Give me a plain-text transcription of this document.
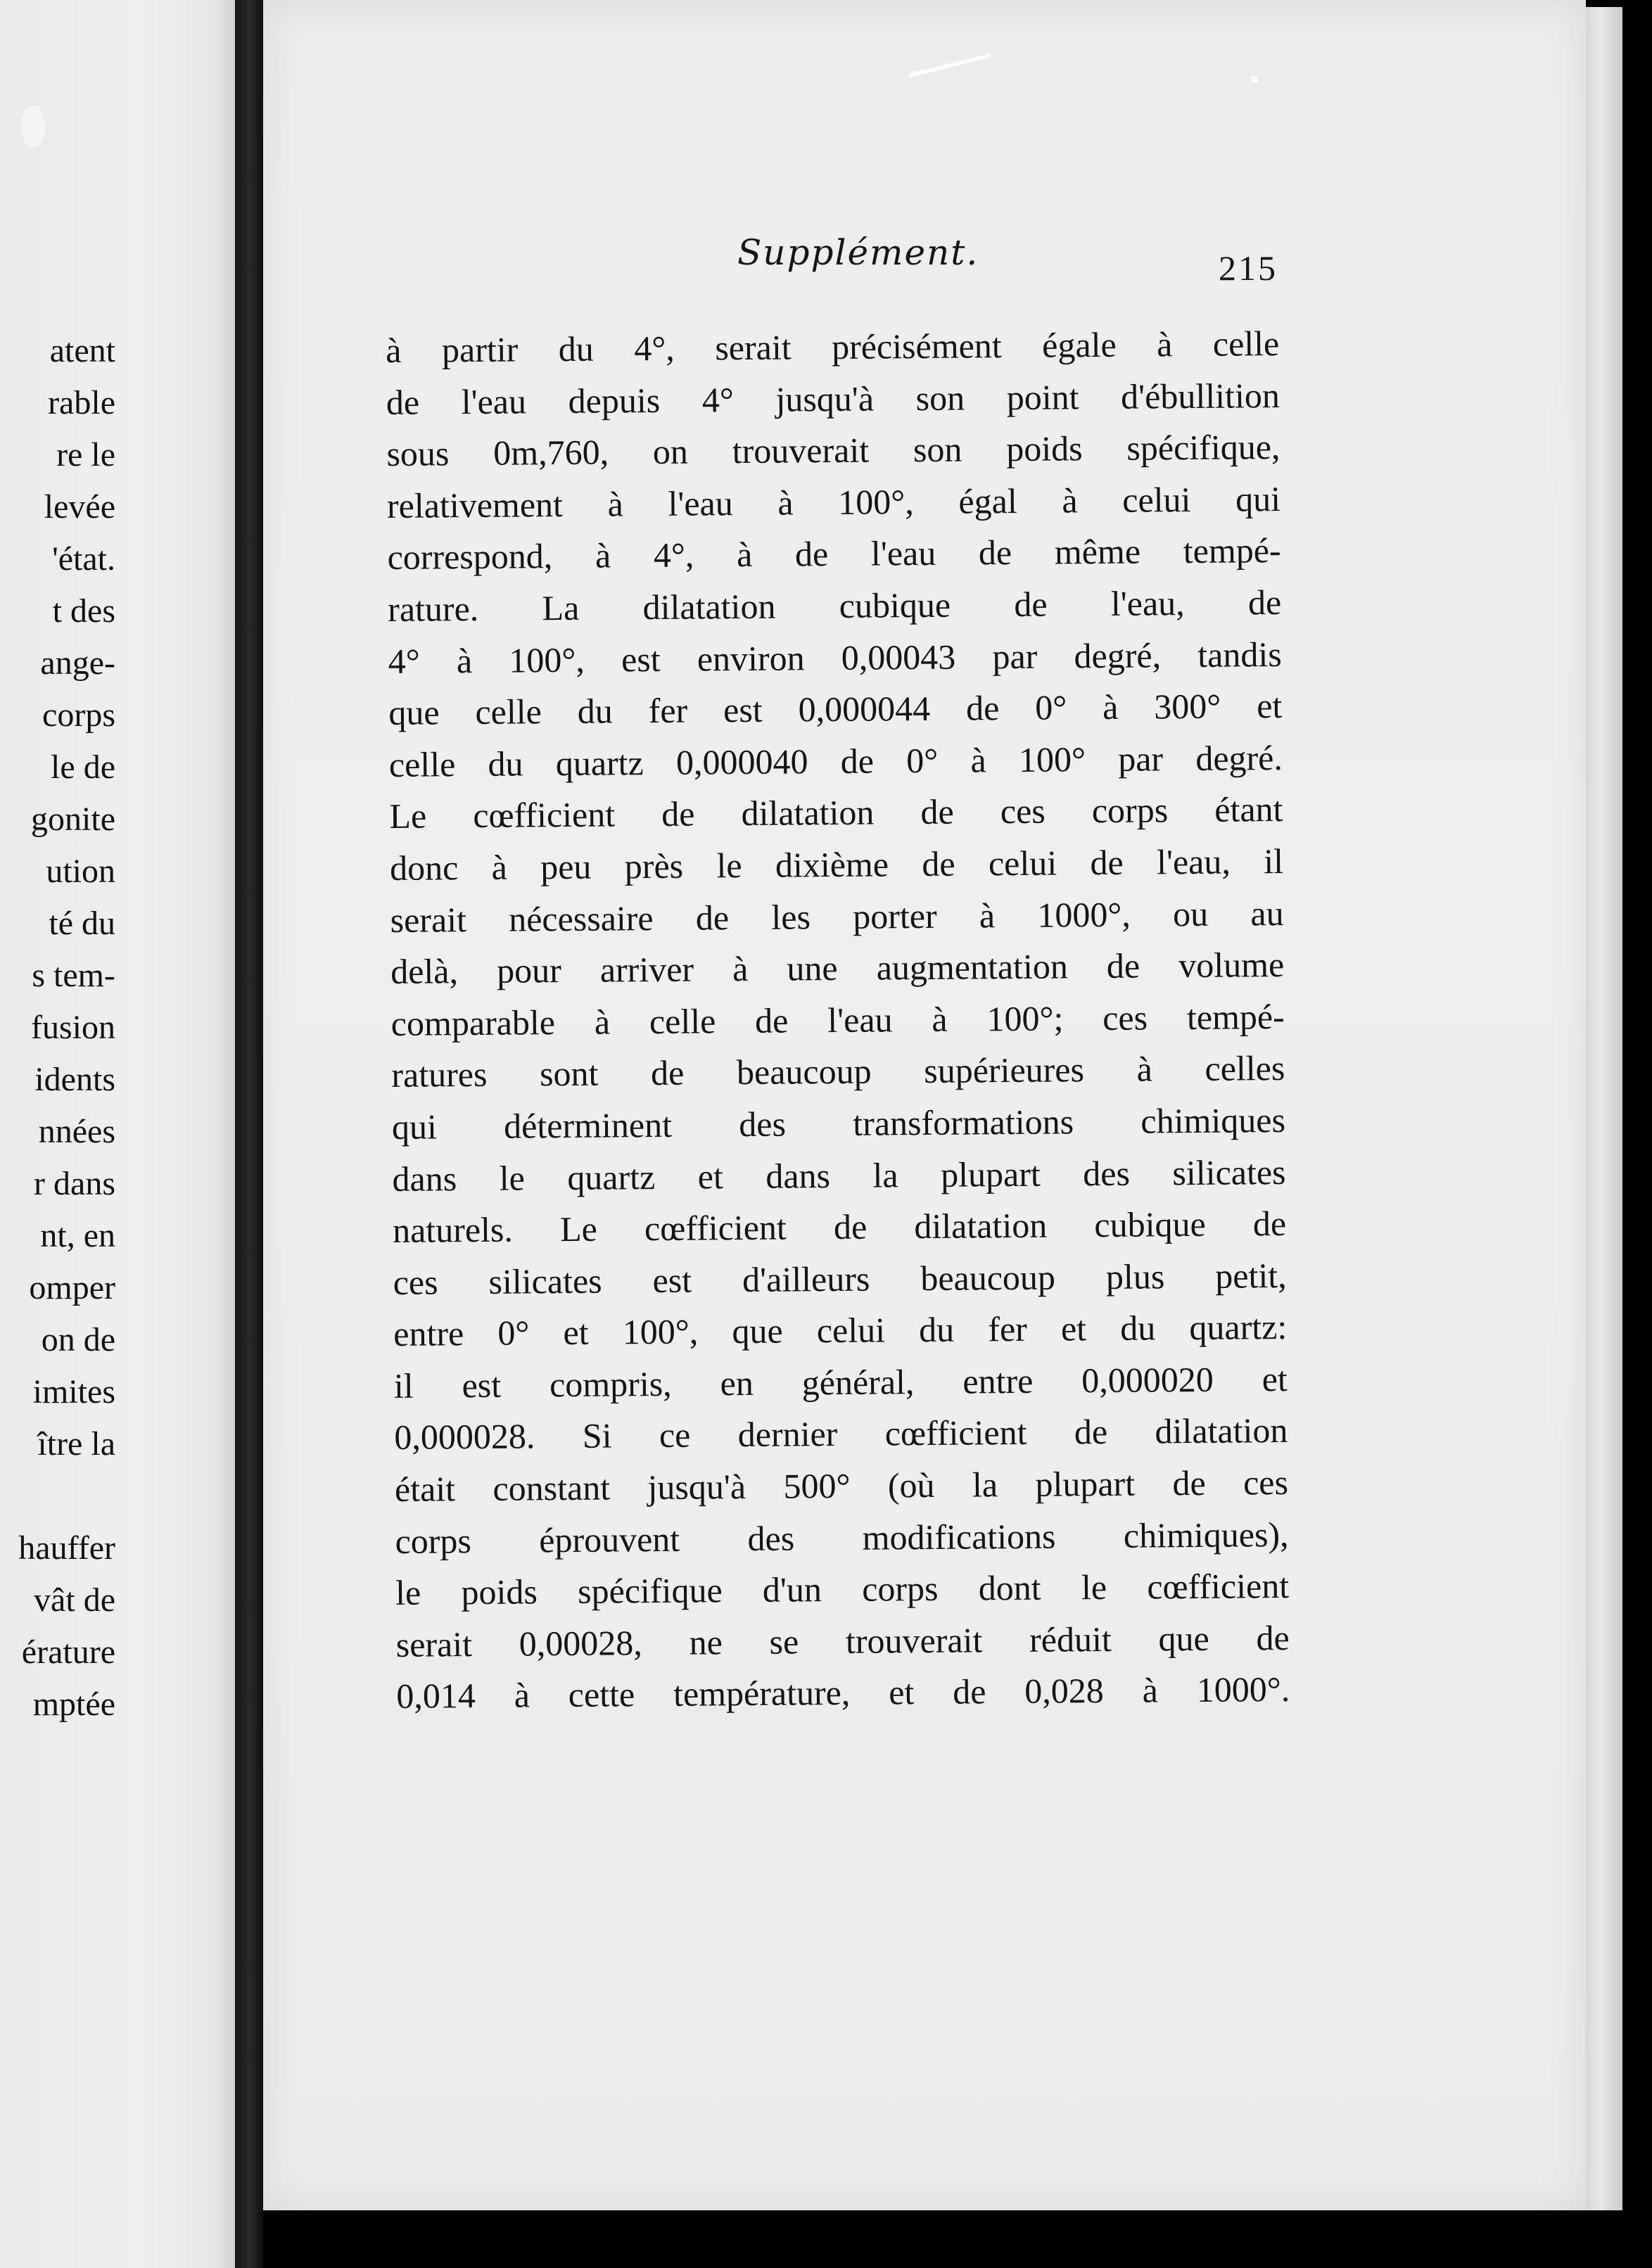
atent
rable
re le
levée
'état.
t des
ange-
corps
le de
gonite
ution
té du
s tem-
fusion
idents
nnées
r dans
nt, en
omper
on de
imites
ître la
hauffer
vât de
érature
mptée
Supplément.	215
à partir du 4°, serait précisément égale à celle
de l'eau depuis 4° jusqu'à son point d'ébullition
sous 0m,760, on trouverait son poids spécifique,
relativement à l'eau à 100°, égal à celui qui
correspond, à 4°, à de l'eau de même tempé-
rature. La dilatation cubique de l'eau, de
4° à 100°, est environ 0,00043 par degré, tandis
que celle du fer est 0,000044 de 0° à 300° et
celle du quartz 0,000040 de 0° à 100° par degré.
Le cœfficient de dilatation de ces corps étant
donc à peu près le dixième de celui de l'eau, il
serait nécessaire de les porter à 1000°, ou au
delà, pour arriver à une augmentation de volume
comparable à celle de l'eau à 100°; ces tempé-
ratures sont de beaucoup supérieures à celles
qui déterminent des transformations chimiques
dans le quartz et dans la plupart des silicates
naturels. Le cœfficient de dilatation cubique de
ces silicates est d'ailleurs beaucoup plus petit,
entre 0° et 100°, que celui du fer et du quartz:
il est compris, en général, entre 0,000020 et
0,000028. Si ce dernier cœfficient de dilatation
était constant jusqu'à 500° (où la plupart de ces
corps éprouvent des modifications chimiques),
le poids spécifique d'un corps dont le cœfficient
serait 0,00028, ne se trouverait réduit que de
0,014 à cette température, et de 0,028 à 1000°.
